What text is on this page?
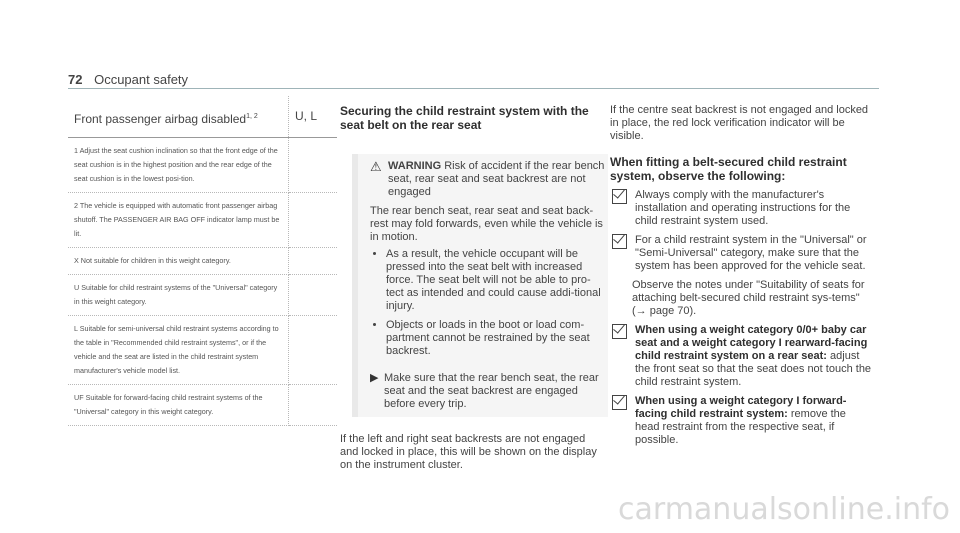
72 Occupant safety
Front passenger airbag disabled$^{1, 2}$	U, L
1 Adjust the seat cushion inclination so that the front edge of the seat cushion is in the highest position and the rear edge of the seat cushion is in the lowest posi-tion.	
2 The vehicle is equipped with automatic front passenger airbag shutoff. The PASSENGER AIR BAG OFF indicator lamp must be lit.	
X Not suitable for children in this weight category.	
U Suitable for child restraint systems of the "Universal" category in this weight category.	
L Suitable for semi-universal child restraint systems according to the table in "Recommended child restraint systems", or if the vehicle and the seat are listed in the child restraint system manufacturer's vehicle model list.	
UF Suitable for forward-facing child restraint systems of the "Universal" category in this weight category.	
Securing the child restraint system with the seat belt on the rear seat
⚠ WARNING Risk of accident if the rear bench seat, rear seat and seat backrest are not engaged

The rear bench seat, rear seat and seat back-rest may fold forwards, even while the vehicle is in motion.

• As a result, the vehicle occupant will be pressed into the seat belt with increased force. The seat belt will not be able to pro-tect as intended and could cause addi-tional injury.
• Objects or loads in the boot or load com-partment cannot be restrained by the seat backrest.
▶ Make sure that the rear bench seat, the rear seat and the seat backrest are engaged before every trip.
If the left and right seat backrests are not engaged and locked in place, this will be shown on the display on the instrument cluster.

If the centre seat backrest is not engaged and locked in place, the red lock verification indicator will be visible.

When fitting a belt-secured child restraint system, observe the following:
Always comply with the manufacturer's installation and operating instructions for the child restraint system used.
For a child restraint system in the "Universal" or "Semi-Universal" category, make sure that the system has been approved for the vehicle seat.
Observe the notes under "Suitability of seats for attaching belt-secured child restraint sys-tems" (→ page 70).
When using a weight category 0/0+ baby car seat and a weight category I rearward-facing child restraint system on a rear seat: adjust the front seat so that the seat does not touch the child restraint system.
When using a weight category I forward-facing child restraint system: remove the head restraint from the respective seat, if possible.
carmanualsonline.info
